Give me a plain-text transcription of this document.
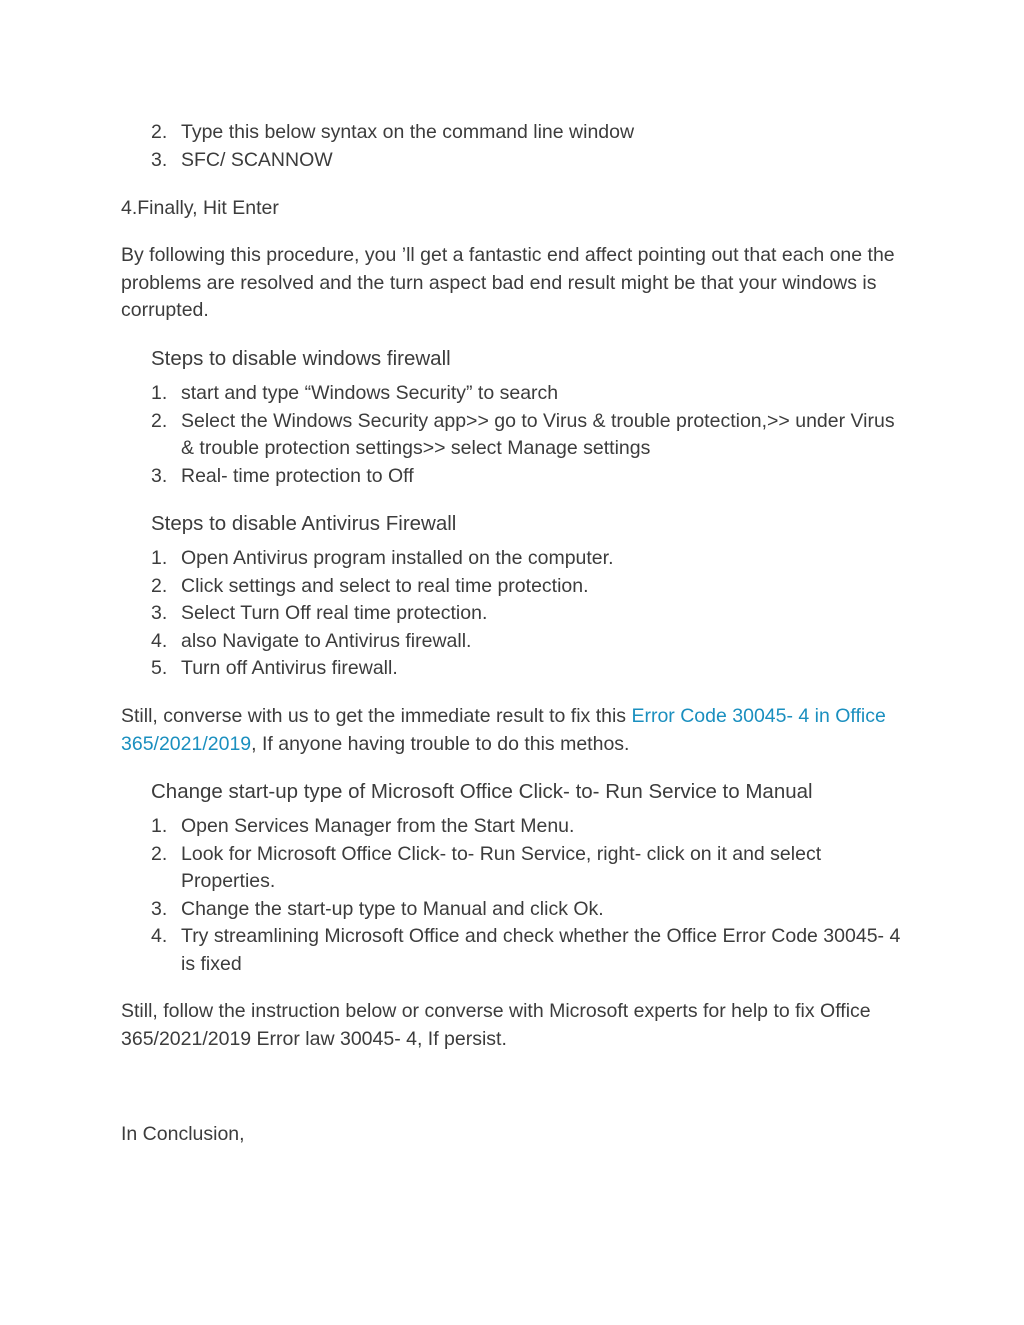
2. Type this below syntax on the command line window
3. SFC/ SCANNOW

4.Finally, Hit Enter

By following this procedure, you ’ll get a fantastic end affect pointing out that each one the problems are resolved and the turn aspect bad end result might be that your windows is corrupted.

Steps to disable windows firewall
1. start and type “Windows Security” to search
2. Select the Windows Security app>> go to Virus & trouble protection,>> under Virus & trouble protection settings>> select Manage settings
3. Real- time protection to Off
Steps to disable Antivirus Firewall
1. Open Antivirus program installed on the computer.
2. Click settings and select to real time protection.
3. Select Turn Off real time protection.
4. also Navigate to Antivirus firewall.
5. Turn off Antivirus firewall.

Still, converse with us to get the immediate result to fix this Error Code 30045- 4 in Office 365/2021/2019, If anyone having trouble to do this methos.

Change start-up type of Microsoft Office Click- to- Run Service to Manual
1. Open Services Manager from the Start Menu.
2. Look for Microsoft Office Click- to- Run Service, right- click on it and select Properties.
3. Change the start-up type to Manual and click Ok.
4. Try streamlining Microsoft Office and check whether the Office Error Code 30045- 4 is fixed

Still, follow the instruction below or converse with Microsoft experts for help to fix Office 365/2021/2019 Error law 30045- 4, If persist.

In Conclusion,
